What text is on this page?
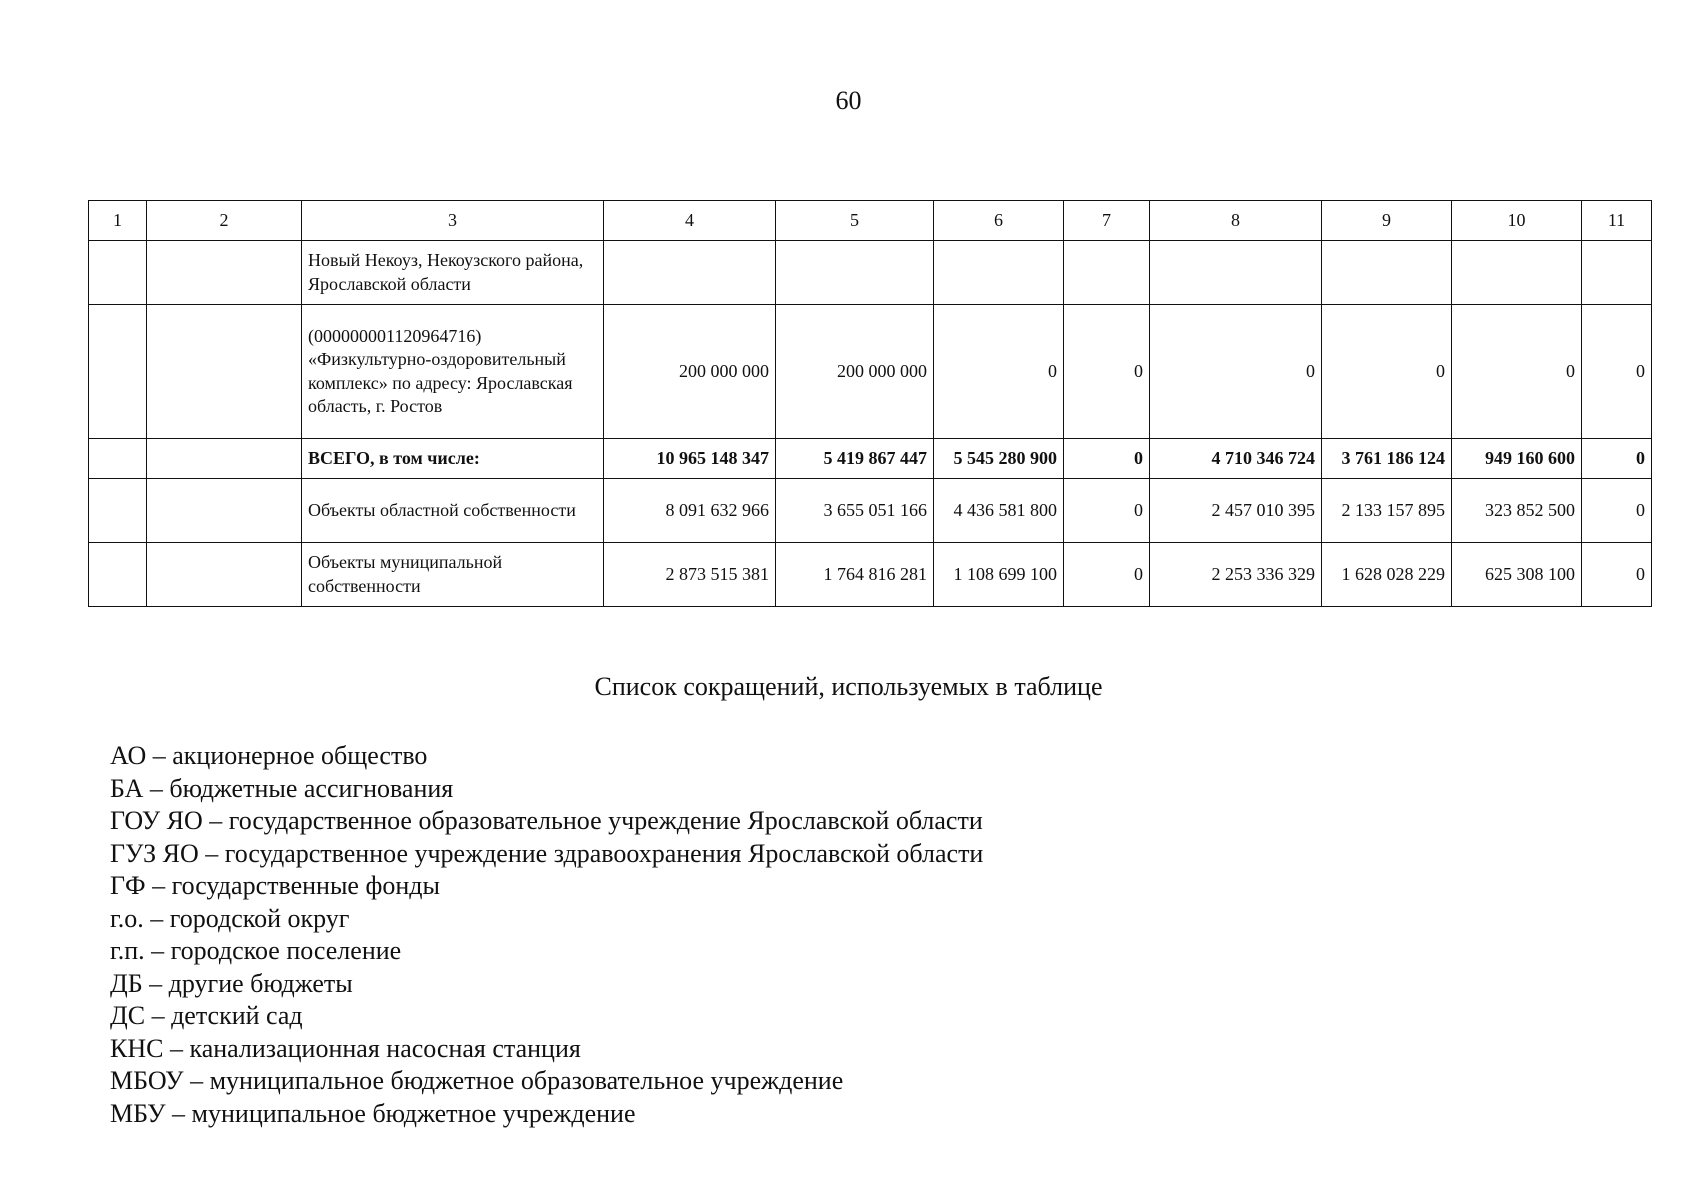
60
1	2	3	4	5	6	7	8	9	10	11
		Новый Некоуз, Некоузского района, Ярославской области								
		(000000001120964716) «Физкультурно-оздоровительный комплекс» по адресу: Ярославская область, г. Ростов	200 000 000	200 000 000	0	0	0	0	0	0
		ВСЕГО, в том числе:	10 965 148 347	5 419 867 447	5 545 280 900	0	4 710 346 724	3 761 186 124	949 160 600	0
		Объекты областной собственности	8 091 632 966	3 655 051 166	4 436 581 800	0	2 457 010 395	2 133 157 895	323 852 500	0
		Объекты муниципальной собственности	2 873 515 381	1 764 816 281	1 108 699 100	0	2 253 336 329	1 628 028 229	625 308 100	0
Список сокращений, используемых в таблице
АО – акционерное общество
БА – бюджетные ассигнования
ГОУ ЯО – государственное образовательное учреждение Ярославской области
ГУЗ ЯО – государственное учреждение здравоохранения Ярославской области
ГФ – государственные фонды
г.о. – городской округ
г.п. – городское поселение
ДБ – другие бюджеты
ДС – детский сад
КНС – канализационная насосная станция
МБОУ – муниципальное бюджетное образовательное учреждение
МБУ – муниципальное бюджетное учреждение
